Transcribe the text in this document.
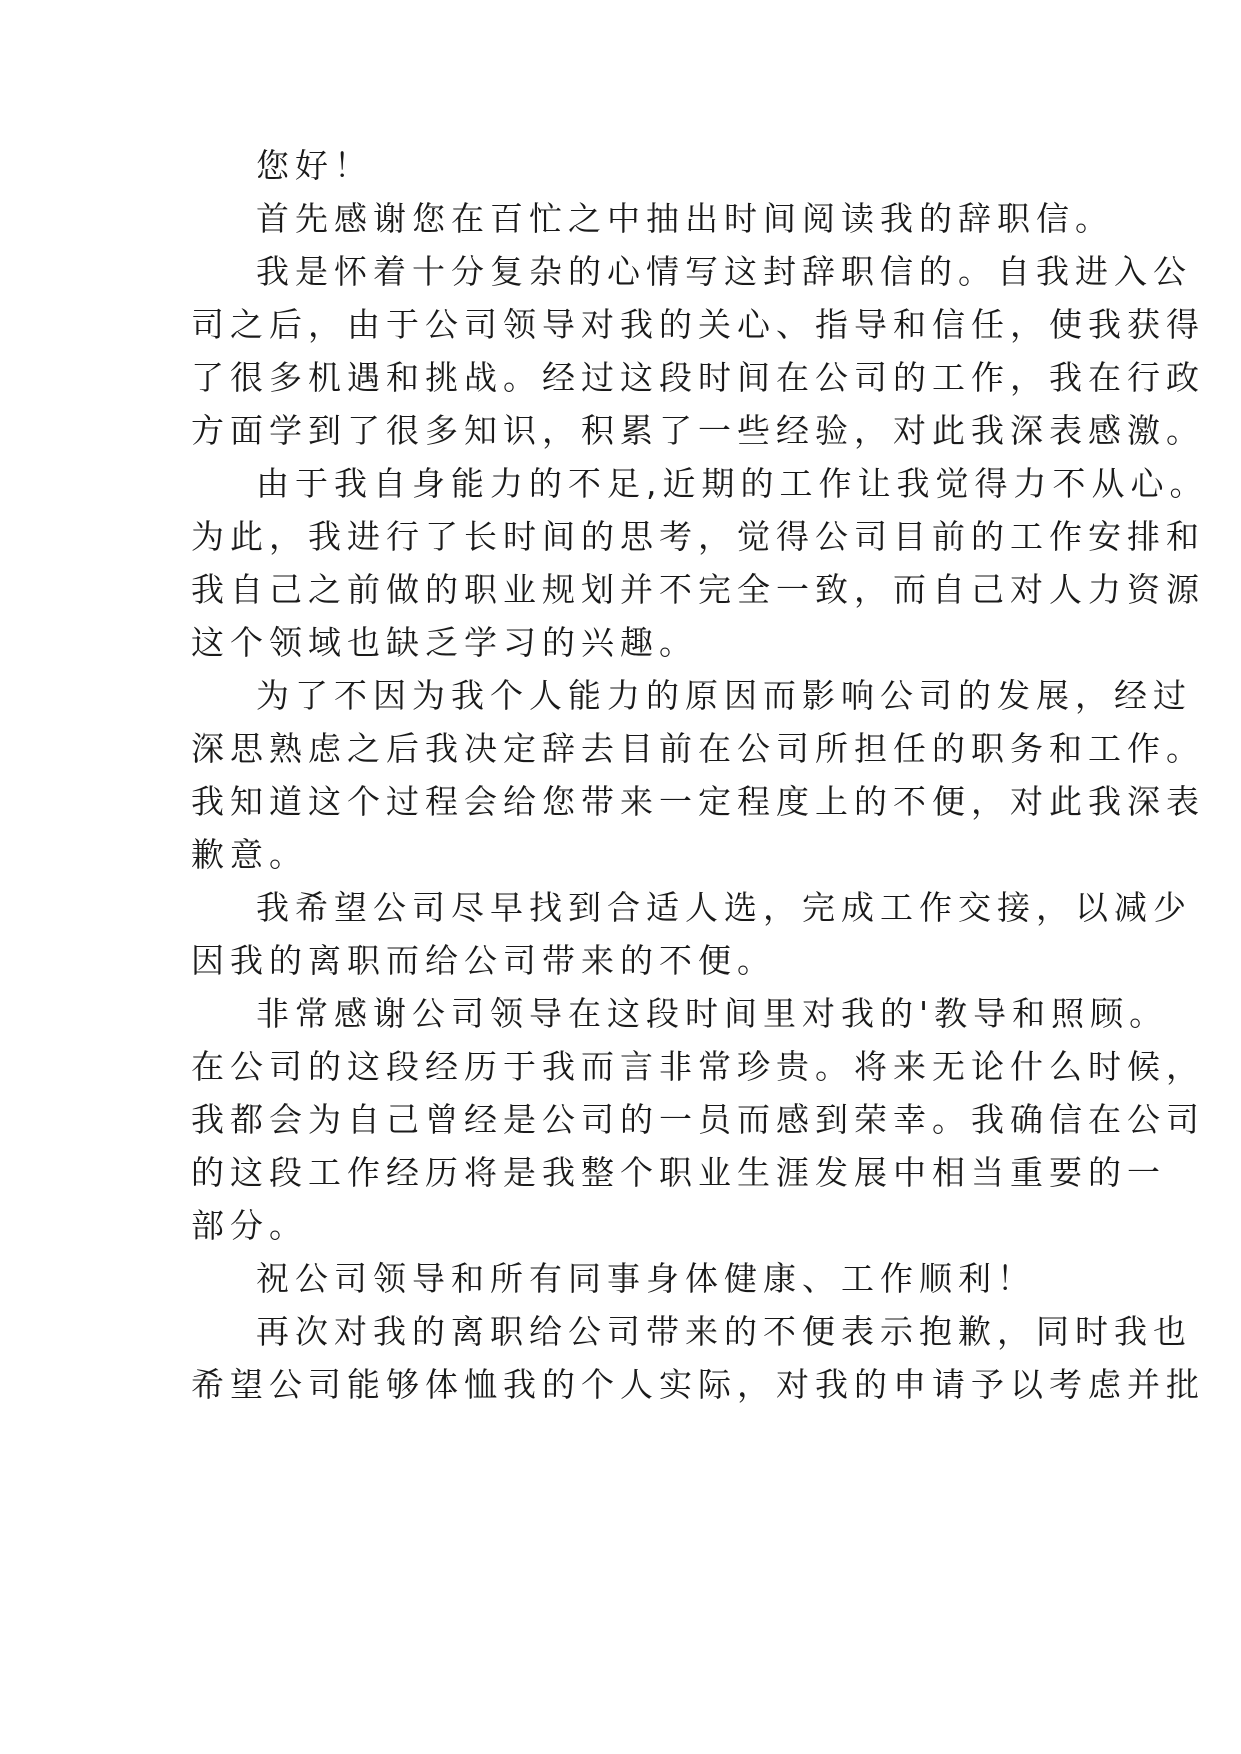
您好！
首先感谢您在百忙之中抽出时间阅读我的辞职信。
我是怀着十分复杂的心情写这封辞职信的。自我进入公
司之后，由于公司领导对我的关心、指导和信任，使我获得
了很多机遇和挑战。经过这段时间在公司的工作，我在行政
方面学到了很多知识，积累了一些经验，对此我深表感激。
由于我自身能力的不足,近期的工作让我觉得力不从心。
为此，我进行了长时间的思考，觉得公司目前的工作安排和
我自己之前做的职业规划并不完全一致，而自己对人力资源
这个领域也缺乏学习的兴趣。
为了不因为我个人能力的原因而影响公司的发展，经过
深思熟虑之后我决定辞去目前在公司所担任的职务和工作。
我知道这个过程会给您带来一定程度上的不便，对此我深表
歉意。
我希望公司尽早找到合适人选，完成工作交接，以减少
因我的离职而给公司带来的不便。
非常感谢公司领导在这段时间里对我的'教导和照顾。
在公司的这段经历于我而言非常珍贵。将来无论什么时候，
我都会为自己曾经是公司的一员而感到荣幸。我确信在公司
的这段工作经历将是我整个职业生涯发展中相当重要的一
部分。
祝公司领导和所有同事身体健康、工作顺利！
再次对我的离职给公司带来的不便表示抱歉，同时我也
希望公司能够体恤我的个人实际，对我的申请予以考虑并批
